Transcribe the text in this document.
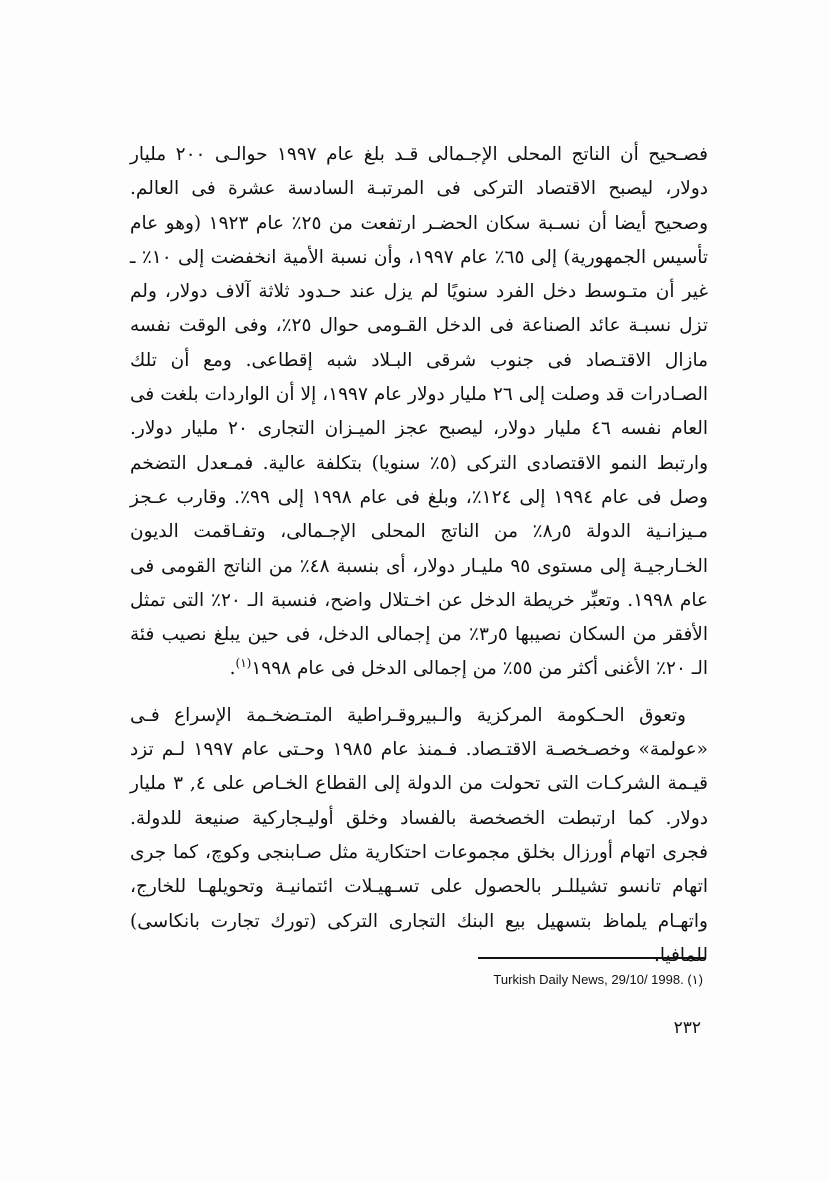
فصـحيح أن الناتج المحلى الإجـمالى قـد بلغ عام ١٩٩٧ حوالـى ٢٠٠ مليار دولار، ليصبح الاقتصاد التركى فى المرتبـة السادسة عشرة فى العالم. وصحيح أيضا أن نسـبة سكان الحضـر ارتفعت من ٢٥٪ عام ١٩٢٣ (وهو عام تأسيس الجمهورية) إلى ٦٥٪ عام ١٩٩٧، وأن نسبة الأمية انخفضت إلى ١٠٪ ـ غير أن متـوسط دخل الفرد سنويًا لم يزل عند حـدود ثلاثة آلاف دولار، ولم تزل نسبـة عائد الصناعة فى الدخل القـومى حوال ٢٥٪، وفى الوقت نفسه مازال الاقتـصاد فى جنوب شرقى البـلاد شبه إقطاعى. ومع أن تلك الصـادرات قد وصلت إلى ٢٦ مليار دولار عام ١٩٩٧، إلا أن الواردات بلغت فى العام نفسه ٤٦ مليار دولار، ليصبح عجز الميـزان التجارى ٢٠ مليار دولار. وارتبط النمو الاقتصادى التركى (٥٪ سنويا) بتكلفة عالية. فمـعدل التضخم وصل فى عام ١٩٩٤ إلى ١٢٤٪، وبلغ فى عام ١٩٩٨ إلى ٩٩٪. وقارب عـجز مـيزانـية الدولة ٥ر٨٪ من الناتج المحلى الإجـمالى، وتفـاقمت الديون الخـارجيـة إلى مستوى ٩٥ مليـار دولار، أى بنسبة ٤٨٪ من الناتج القومى فى عام ١٩٩٨. وتعبِّر خريطة الدخل عن اخـتلال واضح، فنسبة الـ ٢٠٪ التى تمثل الأفقر من السكان نصيبها ٥ر٣٪ من إجمالى الدخل، فى حين يبلغ نصيب فئة الـ ٢٠٪ الأغنى أكثر من ٥٥٪ من إجمالى الدخل فى عام ١٩٩٨$^{(١)}$.

وتعوق الحـكومة المركزية والـبيروقـراطية المتـضخـمة الإسراع فـى «عولمة» وخصـخصـة الاقتـصاد. فـمنذ عام ١٩٨٥ وحـتى عام ١٩٩٧ لـم تزد قيـمة الشركـات التى تحولت من الدولة إلى القطاع الخـاص على ٤, ٣ مليار دولار. كما ارتبطت الخصخصة بالفساد وخلق أوليـجاركية صنيعة للدولة. فجرى اتهام أورزال بخلق مجموعات احتكارية مثل صـابنجى وكوچ، كما جرى اتهام تانسو تشيللـر بالحصول على تسـهيـلات ائتمانيـة وتحويلهـا للخارج، واتهـام يلماظ بتسهيل بيع البنك التجارى التركى (تورك تجارت بانكاسى) للمافيا.

Turkish Daily News, 29/10/ 1998. (١)
٢٣٢
